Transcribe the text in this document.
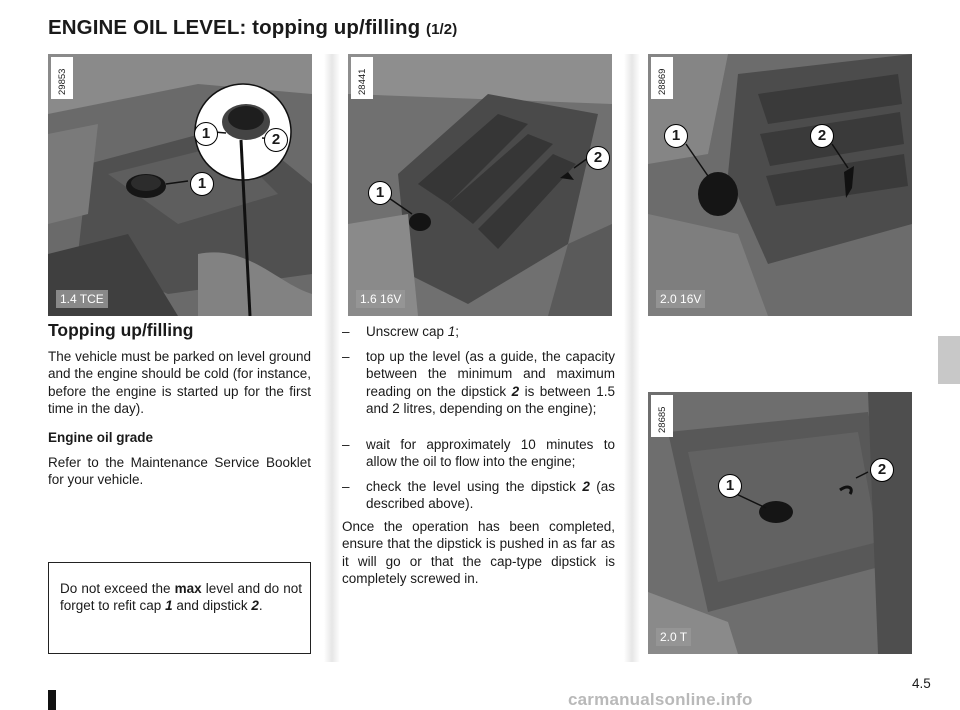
ENGINE OIL LEVEL: topping up/filling (1/2)
29853
1	2
1
1.4 TCE
28441
1
2
1.6 16V
28869
1	2
2.0 16V
28685
1
2
2.0 T
Topping up/filling
The vehicle must be parked on level ground and the engine should be cold (for instance, before the engine is started up for the first time in the day).
Engine oil grade
Refer to the Maintenance Service Booklet for your vehicle.
Do not exceed the max level and do not forget to refit cap 1 and dipstick 2.
– Unscrew cap 1;
– top up the level (as a guide, the capacity between the minimum and maximum reading on the dipstick 2 is between 1.5 and 2 litres, depending on the engine);
– wait for approximately 10 minutes to allow the oil to flow into the engine;
– check the level using the dipstick 2 (as described above).
Once the operation has been completed, ensure that the dipstick is pushed in as far as it will go or that the cap-type dipstick is completely screwed in.
4.5
carmanualsonline.info
